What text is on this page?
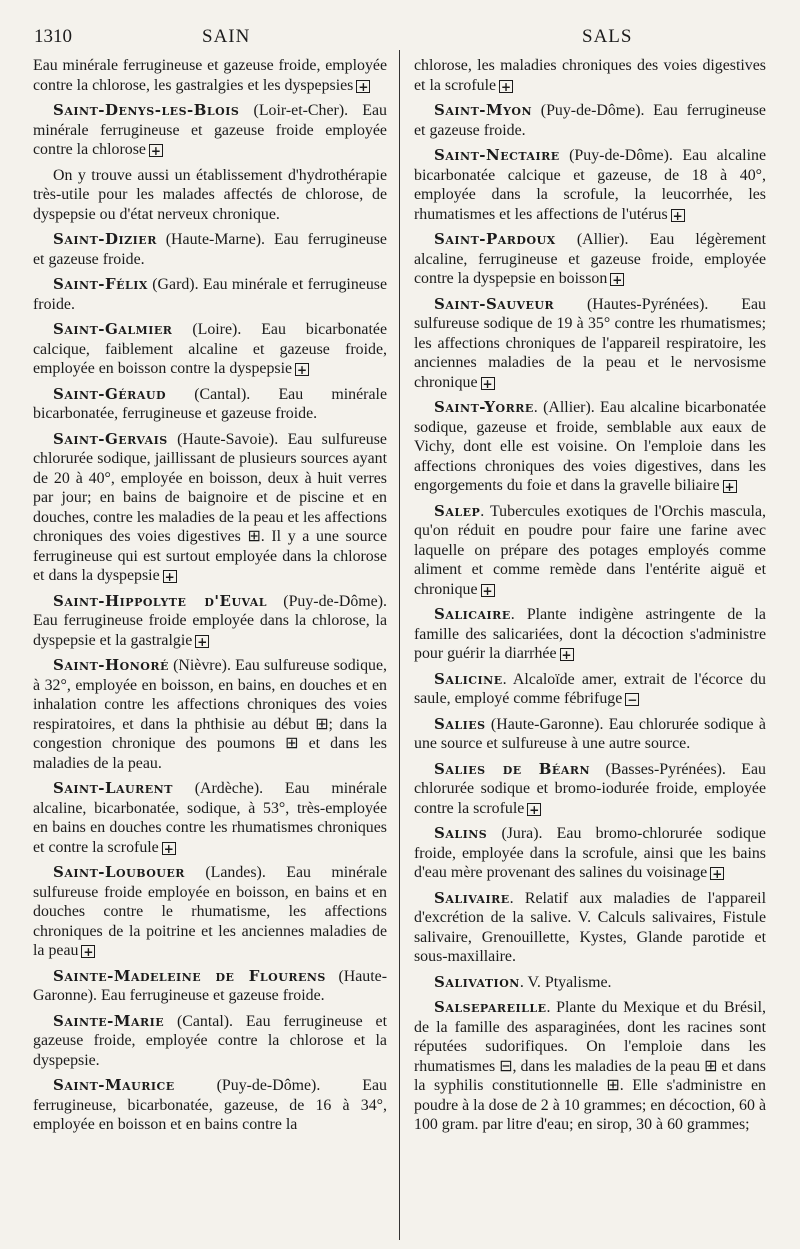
1310	SAIN	SALS
Eau minérale ferrugineuse et gazeuse froide, employée contre la chlorose, les gastralgies et les dyspepsies +
Saint-Denys-les-Blois (Loir-et-Cher). Eau minérale ferrugineuse et gazeuse froide employée contre la chlorose +
On y trouve aussi un établissement d'hydrothérapie très-utile pour les malades affectés de chlorose, de dyspepsie ou d'état nerveux chronique.
Saint-Dizier (Haute-Marne). Eau ferrugineuse et gazeuse froide.
Saint-Félix (Gard). Eau minérale et ferrugineuse froide.
Saint-Galmier (Loire). Eau bicarbonatée calcique, faiblement alcaline et gazeuse froide, employée en boisson contre la dyspepsie +
Saint-Géraud (Cantal). Eau minérale bicarbonatée, ferrugineuse et gazeuse froide.
Saint-Gervais (Haute-Savoie). Eau sulfureuse chlorurée sodique, jaillissant de plusieurs sources ayant de 20 à 40°, employée en boisson, deux à huit verres par jour; en bains de baignoire et de piscine et en douches, contre les maladies de la peau et les affections chroniques des voies digestives ⊞. Il y a une source ferrugineuse qui est surtout employée dans la chlorose et dans la dyspepsie +
Saint-Hippolyte d'Euval (Puy-de-Dôme). Eau ferrugineuse froide employée dans la chlorose, la dyspepsie et la gastralgie +
Saint-Honoré (Nièvre). Eau sulfureuse sodique, à 32°, employée en boisson, en bains, en douches et en inhalation contre les affections chroniques des voies respiratoires, et dans la phthisie au début ⊞; dans la congestion chronique des poumons ⊞ et dans les maladies de la peau.
Saint-Laurent (Ardèche). Eau minérale alcaline, bicarbonatée, sodique, à 53°, très-employée en bains en douches contre les rhumatismes chroniques et contre la scrofule +
Saint-Loubouer (Landes). Eau minérale sulfureuse froide employée en boisson, en bains et en douches contre le rhumatisme, les affections chroniques de la poitrine et les anciennes maladies de la peau +
Sainte-Madeleine de Flourens (Haute-Garonne). Eau ferrugineuse et gazeuse froide.
Sainte-Marie (Cantal). Eau ferrugineuse et gazeuse froide, employée contre la chlorose et la dyspepsie.
Saint-Maurice (Puy-de-Dôme). Eau ferrugineuse, bicarbonatée, gazeuse, de 16 à 34°, employée en boisson et en bains contre la
chlorose, les maladies chroniques des voies digestives et la scrofule +
Saint-Myon (Puy-de-Dôme). Eau ferrugineuse et gazeuse froide.
Saint-Nectaire (Puy-de-Dôme). Eau alcaline bicarbonatée calcique et gazeuse, de 18 à 40°, employée dans la scrofule, la leucorrhée, les rhumatismes et les affections de l'utérus +
Saint-Pardoux (Allier). Eau légèrement alcaline, ferrugineuse et gazeuse froide, employée contre la dyspepsie en boisson +
Saint-Sauveur (Hautes-Pyrénées). Eau sulfureuse sodique de 19 à 35° contre les rhumatismes; les affections chroniques de l'appareil respiratoire, les anciennes maladies de la peau et le nervosisme chronique +
Saint-Yorre. (Allier). Eau alcaline bicarbonatée sodique, gazeuse et froide, semblable aux eaux de Vichy, dont elle est voisine. On l'emploie dans les affections chroniques des voies digestives, dans les engorgements du foie et dans la gravelle biliaire +
Salep. Tubercules exotiques de l'Orchis mascula, qu'on réduit en poudre pour faire une farine avec laquelle on prépare des potages employés comme aliment et comme remède dans l'entérite aiguë et chronique +
Salicaire. Plante indigène astringente de la famille des salicariées, dont la décoction s'administre pour guérir la diarrhée +
Salicine. Alcaloïde amer, extrait de l'écorce du saule, employé comme fébrifuge −
Salies (Haute-Garonne). Eau chlorurée sodique à une source et sulfureuse à une autre source.
Salies de Béarn (Basses-Pyrénées). Eau chlorurée sodique et bromo-iodurée froide, employée contre la scrofule +
Salins (Jura). Eau bromo-chlorurée sodique froide, employée dans la scrofule, ainsi que les bains d'eau mère provenant des salines du voisinage +
Salivaire. Relatif aux maladies de l'appareil d'excrétion de la salive. V. Calculs salivaires, Fistule salivaire, Grenouillette, Kystes, Glande parotide et sous-maxillaire.
Salivation. V. Ptyalisme.
Salsepareille. Plante du Mexique et du Brésil, de la famille des asparaginées, dont les racines sont réputées sudorifiques. On l'emploie dans les rhumatismes ⊟, dans les maladies de la peau ⊞ et dans la syphilis constitutionnelle ⊞. Elle s'administre en poudre à la dose de 2 à 10 grammes; en décoction, 60 à 100 gram. par litre d'eau; en sirop, 30 à 60 grammes;
